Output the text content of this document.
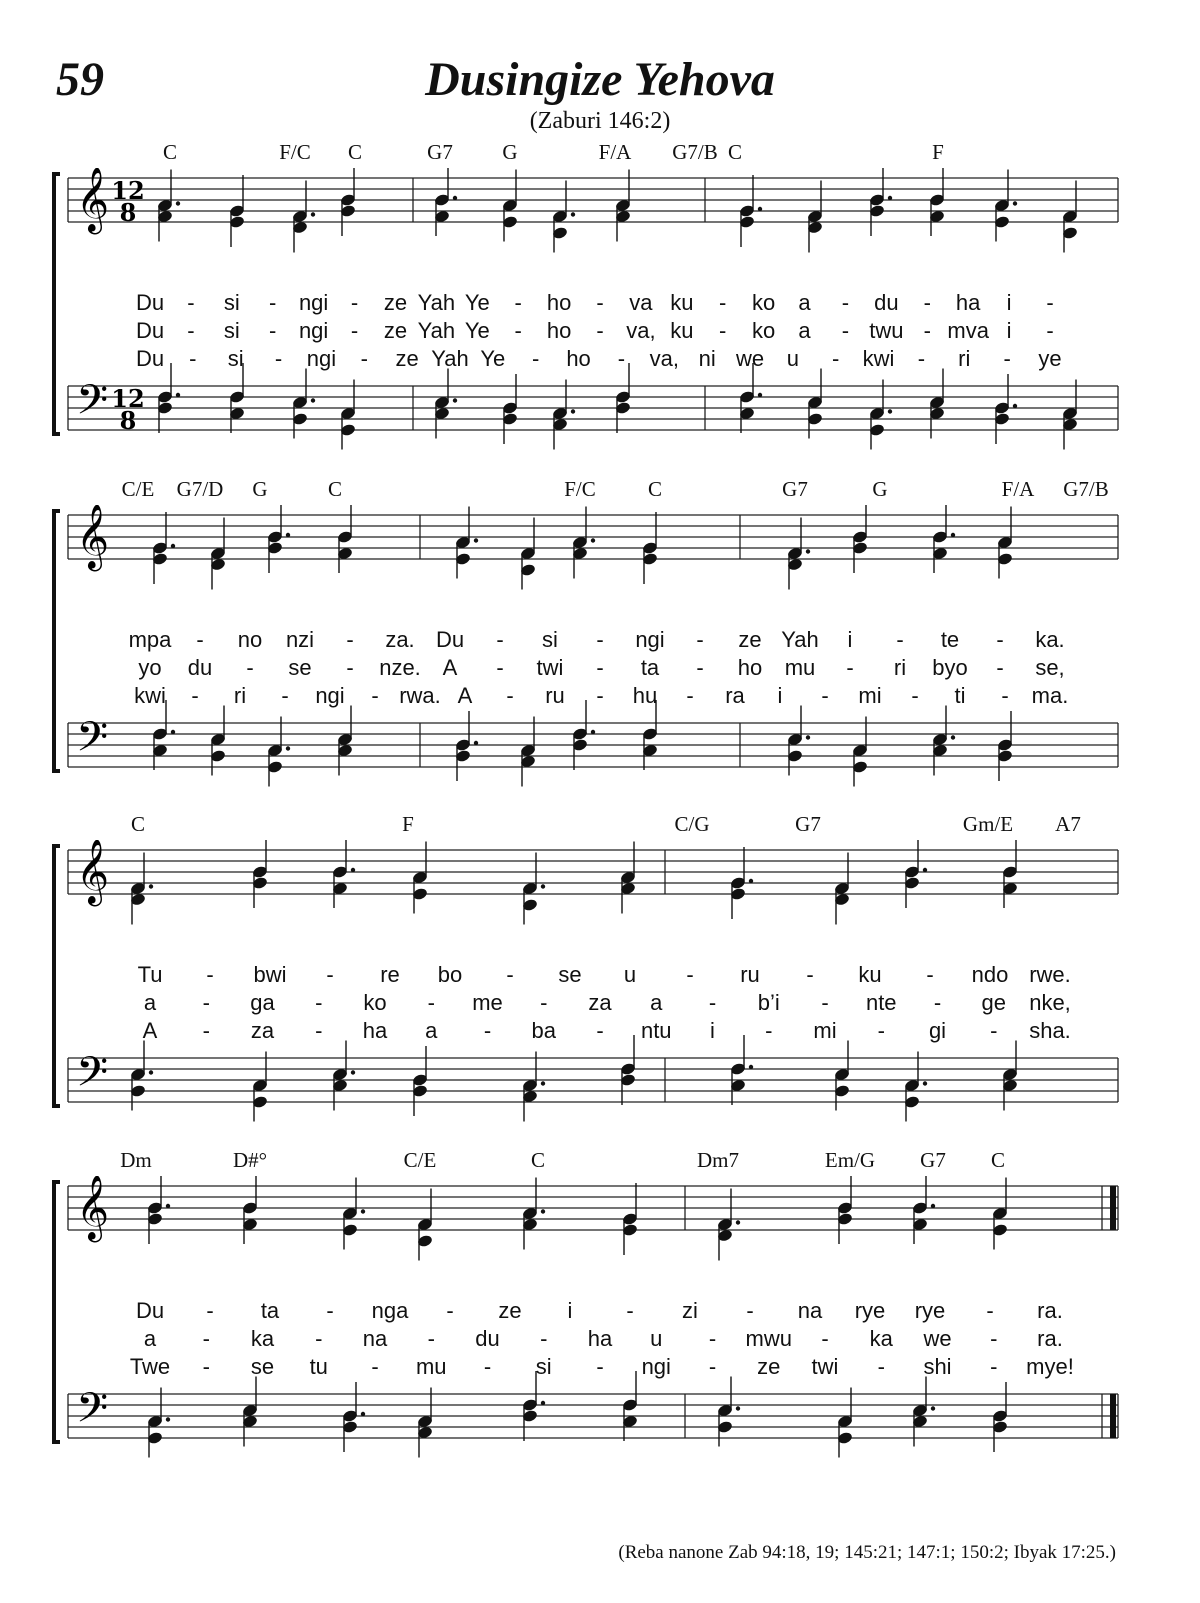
59	Dusingize Yehova
(Zaburi 146:2)
C	F/C C	G7 G	F/A G7/B C	F
𝄞
𝄢
12
8
12
8
Du - si - ngi - ze Yah Ye - ho - va ku - ko a - du - ha i -
Du - si - ngi - ze Yah Ye - ho - va, ku - ko a - twu - mva i -
Du - si - ngi - ze Yah Ye - ho - va, ni we u - kwi - ri - ye
C/E G7/D G	C	F/C C	G7	G	F/A G7/B
𝄞
𝄢
mpa - no nzi - za. Du - si - ngi - ze Yah i - te - ka.
yo du - se - nze. A - twi - ta - ho mu - ri byo - se,
kwi - ri - ngi - rwa. A - ru - hu - ra i - mi - ti - ma.
C	F	C/G	G7	Gm/E A7
𝄞
𝄢
Tu - bwi - re bo - se u - ru - ku - ndo rwe.
a - ga - ko - me - za a - b’i - nte - ge nke,
A - za - ha a - ba - ntu i - mi - gi - sha.
Dm	D#°	C/E	C	Dm7	Em/G G7 C
𝄞
𝄢
Du - ta - nga - ze i - zi - na rye rye - ra.
a - ka - na - du - ha u - mwu - ka we - ra.
Twe - se tu - mu - si - ngi - ze twi - shi - mye!
(Reba nanone Zab 94:18, 19; 145:21; 147:1; 150:2; Ibyak 17:25.)
